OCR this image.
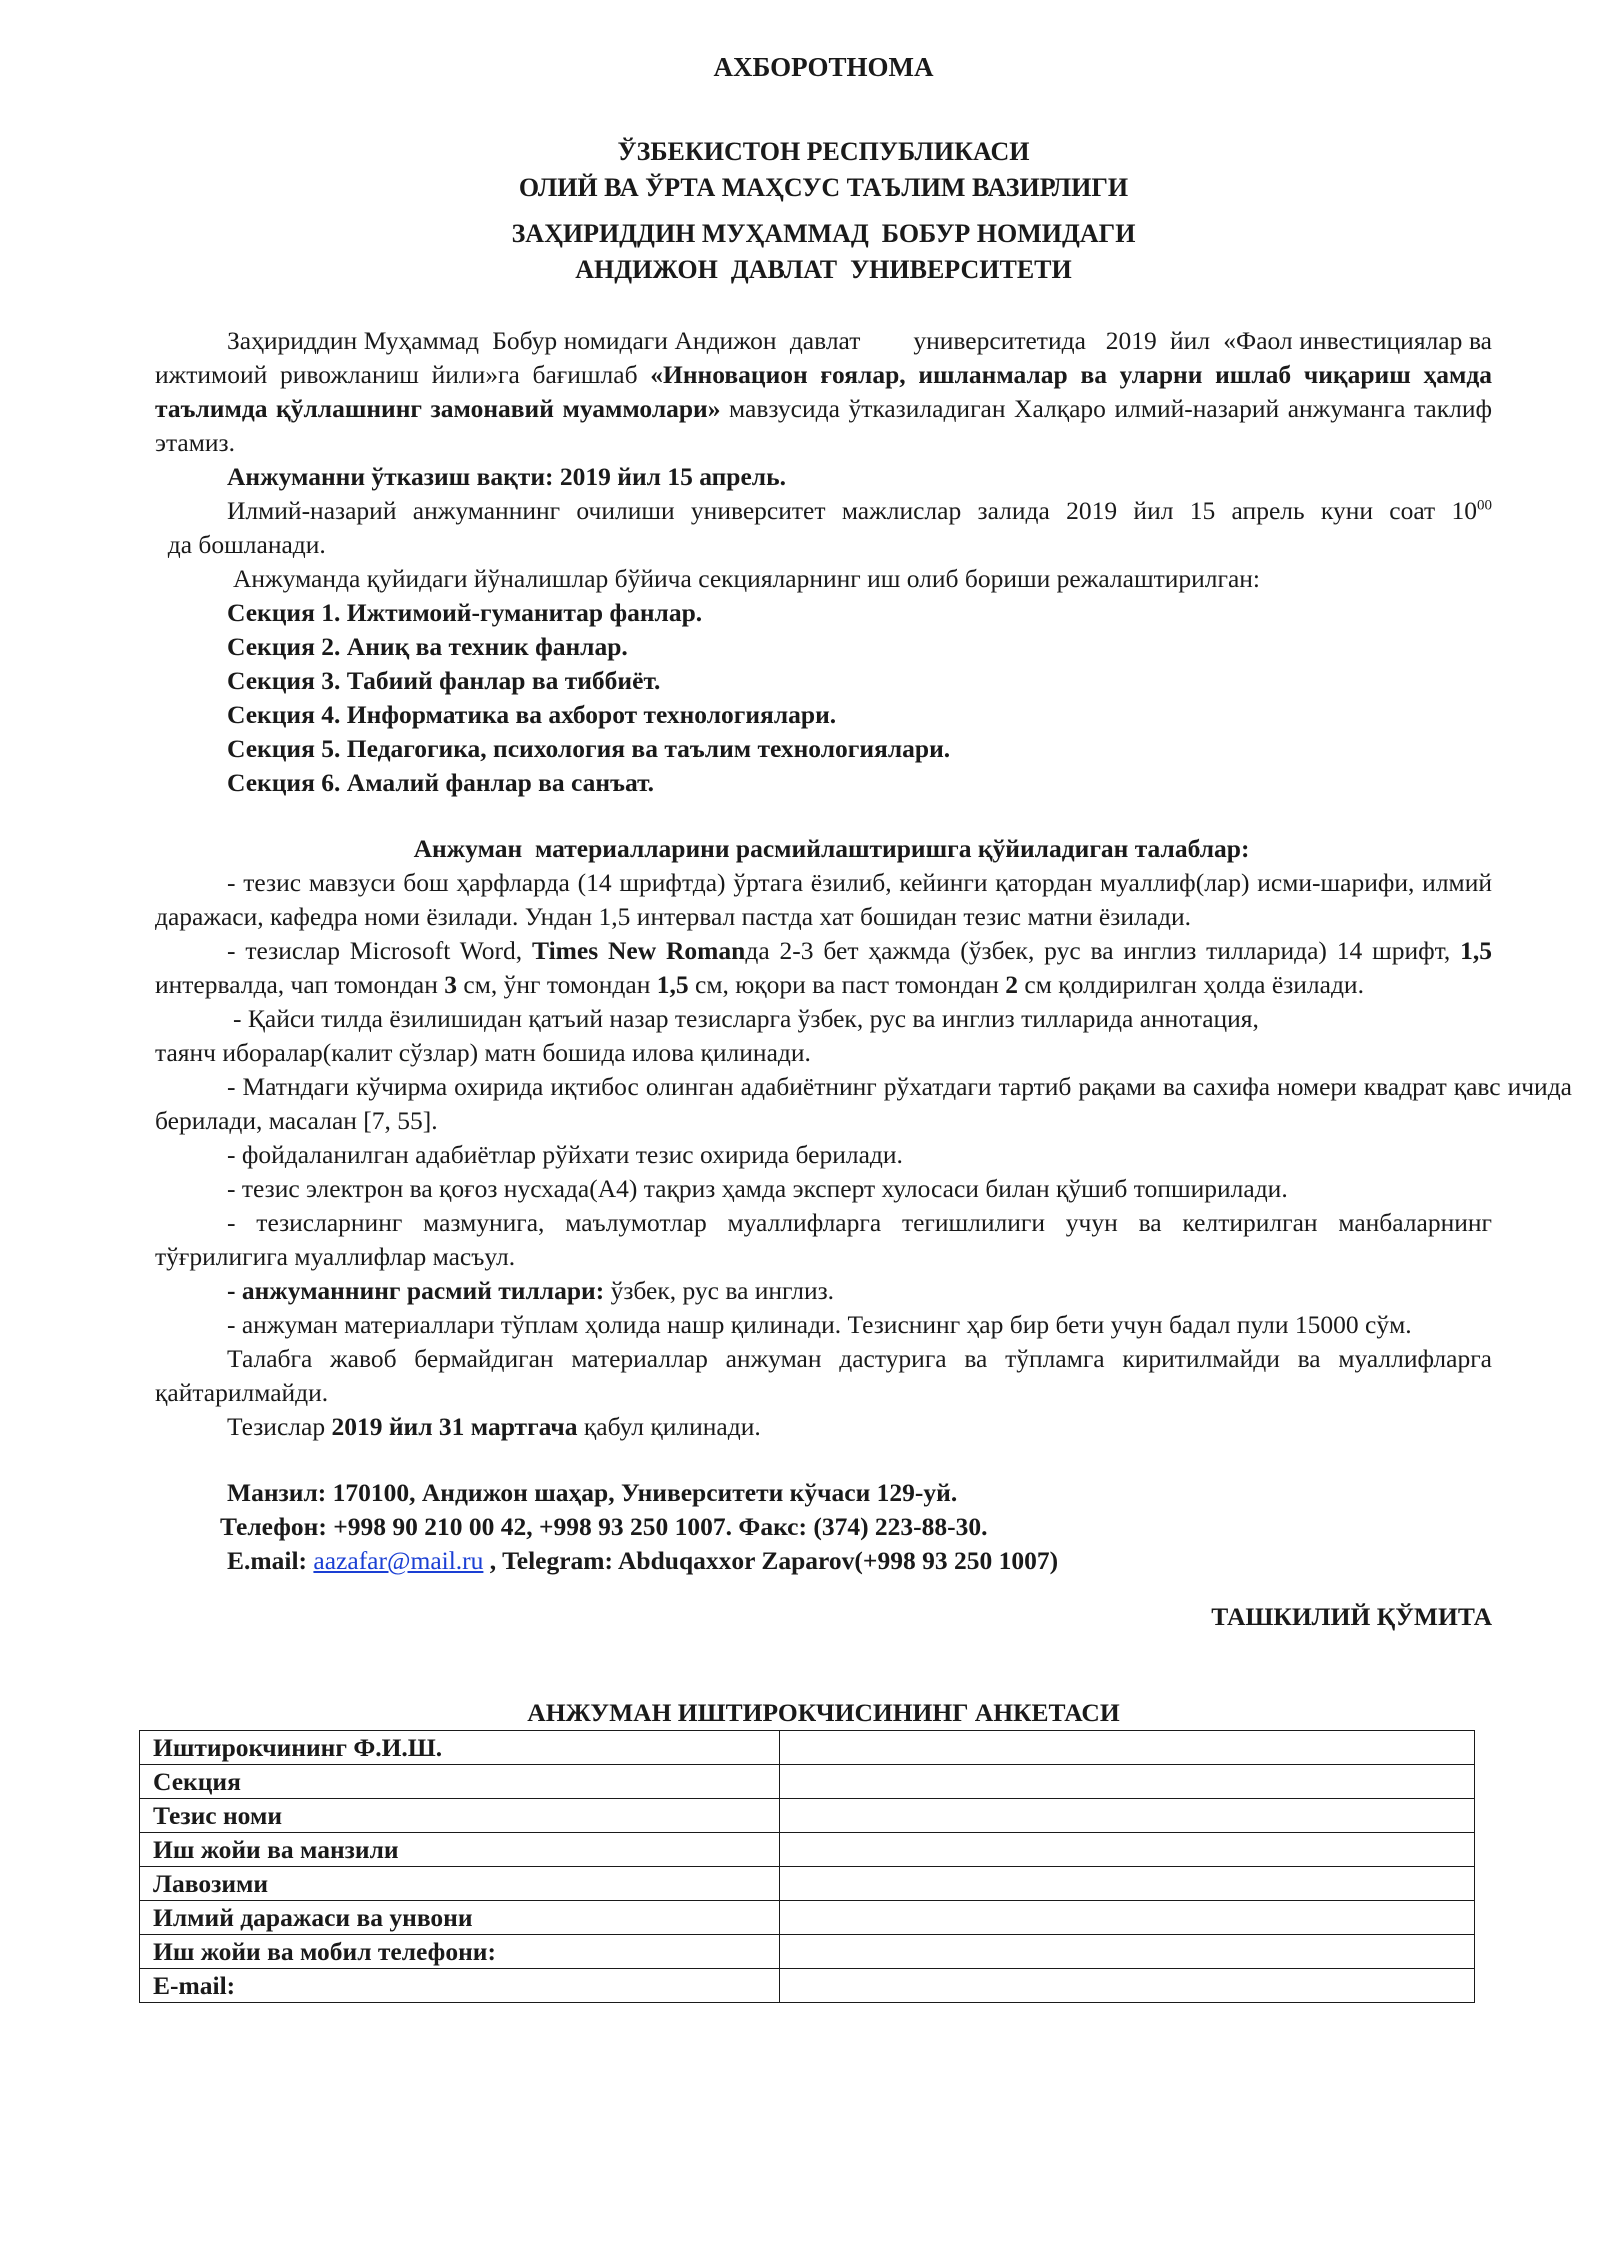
АХБОРОТНОМА
ЎЗБЕКИСТОН РЕСПУБЛИКАСИ
ОЛИЙ ВА ЎРТА МАҲСУС ТАЪЛИМ ВАЗИРЛИГИ
ЗАҲИРИДДИН МУҲАММАД  БОБУР НОМИДАГИ
АНДИЖОН  ДАВЛАТ  УНИВЕРСИТЕТИ

Заҳириддин Муҳаммад  Бобур номидаги Андижон  давлат        университетида   2019  йил  «Фаол инвестициялар ва ижтимоий ривожланиш йили»га бағишлаб «Инновацион ғоялар, ишланмалар ва уларни ишлаб чиқариш ҳамда таълимда қўллашнинг замонавий муаммолари» мавзусида ўтказиладиган Халқаро илмий-назарий анжуманга таклиф этамиз.

Анжуманни ўтказиш вақти: 2019 йил 15 апрель.

Илмий-назарий анжуманнинг очилиши университет мажлислар залида 2019 йил 15 апрель куни соат $10^{00}$  да бошланади.

Анжуманда қуйидаги йўналишлар бўйича секцияларнинг иш олиб бориши режалаштирилган:

Секция 1. Ижтимоий-гуманитар фанлар.
Секция 2. Аниқ ва техник фанлар.
Секция 3. Табиий фанлар ва тиббиёт.
Секция 4. Информатика ва ахборот технологиялари.
Секция 5. Педагогика, психология ва таълим технологиялари.
Секция 6. Амалий фанлар ва санъат.
Анжуман  материалларини расмийлаштиришга қўйиладиган талаблар:

- тезис мавзуси бош ҳарфларда (14 шрифтда) ўртага ёзилиб, кейинги қатордан муаллиф(лар) исми-шарифи, илмий даражаси, кафедра номи ёзилади. Ундан 1,5 интервал пастда хат бошидан тезис матни ёзилади.

- тезислар Microsoft Word, Times New Romanда 2-3 бет ҳажмда (ўзбек, рус ва инглиз тилларида) 14 шрифт, 1,5 интервалда, чап томондан 3 см, ўнг томондан 1,5 см, юқори ва паст томондан 2 см қолдирилган ҳолда ёзилади.

- Қайси тилда ёзилишидан қатъий назар тезисларга ўзбек, рус ва инглиз тилларида аннотация,
таянч иборалар(калит сўзлар) матн бошида илова қилинади.

- Матндаги кўчирма охирида иқтибос олинган адабиётнинг рўхатдаги тартиб рақами ва сахифа номери квадрат қавс ичида берилади, масалан [7, 55].

- фойдаланилган адабиётлар рўйхати тезис охирида берилади.

- тезис электрон ва қоғоз нусхада(А4) тақриз ҳамда эксперт хулосаси билан қўшиб топширилади.

- тезисларнинг мазмунига, маълумотлар муаллифларга тегишлилиги учун ва келтирилган манбаларнинг тўғрилигига муаллифлар масъул.

- анжуманнинг расмий тиллари: ўзбек, рус ва инглиз.

- анжуман материаллари тўплам ҳолида нашр қилинади. Тезиснинг ҳар бир бети учун бадал пули 15000 сўм.

Талабга жавоб бермайдиган материаллар анжуман дастурига ва тўпламга киритилмайди ва муаллифларга қайтарилмайди.

Тезислар 2019 йил 31 мартгача қабул қилинади.

Манзил: 170100, Андижон шаҳар, Университети кўчаси 129-уй.
Телефон: +998 90 210 00 42, +998 93 250 1007. Факс: (374) 223-88-30.
E.mail: aazafar@mail.ru , Telegram: Abduqaxxor Zaparov(+998 93 250 1007)
ТАШКИЛИЙ ҚЎМИТА
АНЖУМАН ИШТИРОКЧИСИНИНГ АНКЕТАСИ
Иштирокчининг Ф.И.Ш.	
Секция	
Тезис номи	
Иш жойи ва манзили	
Лавозими	
Илмий даражаси ва унвони	
Иш жойи ва мобил телефони:	
E-mail:	
